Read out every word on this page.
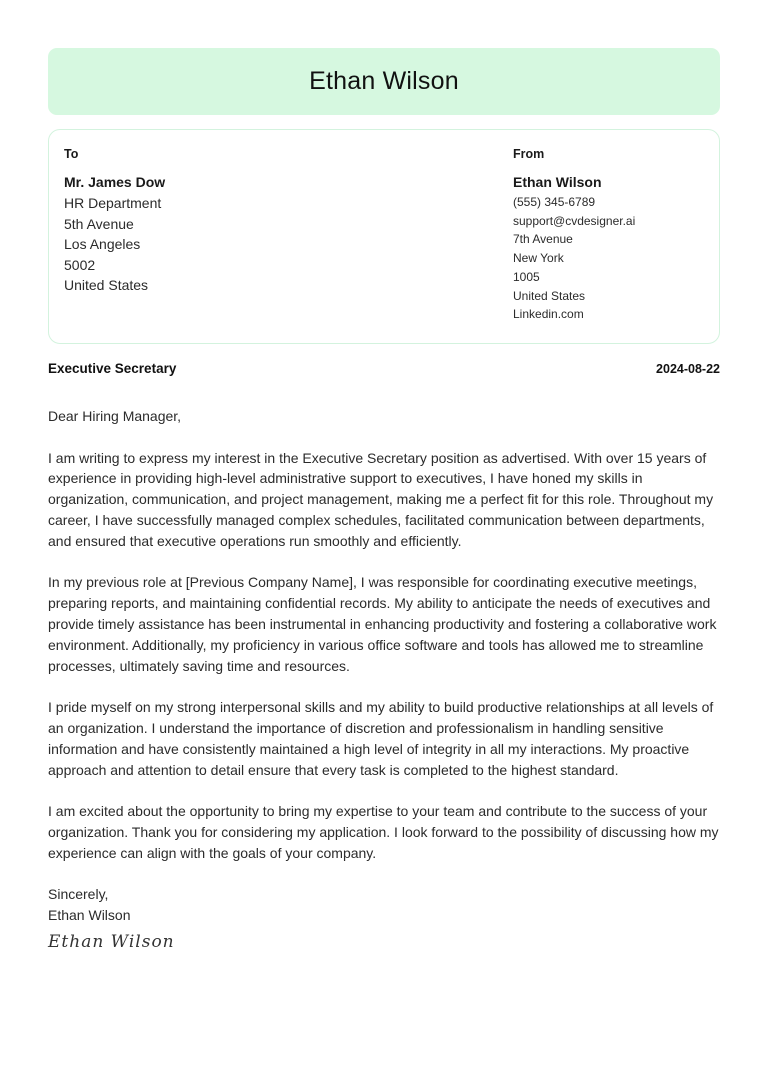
Ethan Wilson
To
Mr. James Dow
HR Department
5th Avenue
Los Angeles
5002
United States
From
Ethan Wilson
(555) 345-6789
support@cvdesigner.ai
7th Avenue
New York
1005
United States
Linkedin.com
Executive Secretary	2024-08-22

Dear Hiring Manager,

I am writing to express my interest in the Executive Secretary position as advertised. With over 15 years of experience in providing high-level administrative support to executives, I have honed my skills in organization, communication, and project management, making me a perfect fit for this role. Throughout my career, I have successfully managed complex schedules, facilitated communication between departments, and ensured that executive operations run smoothly and efficiently.

In my previous role at [Previous Company Name], I was responsible for coordinating executive meetings, preparing reports, and maintaining confidential records. My ability to anticipate the needs of executives and provide timely assistance has been instrumental in enhancing productivity and fostering a collaborative work environment. Additionally, my proficiency in various office software and tools has allowed me to streamline processes, ultimately saving time and resources.

I pride myself on my strong interpersonal skills and my ability to build productive relationships at all levels of an organization. I understand the importance of discretion and professionalism in handling sensitive information and have consistently maintained a high level of integrity in all my interactions. My proactive approach and attention to detail ensure that every task is completed to the highest standard.

I am excited about the opportunity to bring my expertise to your team and contribute to the success of your organization. Thank you for considering my application. I look forward to the possibility of discussing how my experience can align with the goals of your company.

Sincerely,
Ethan Wilson
Ethan Wilson
